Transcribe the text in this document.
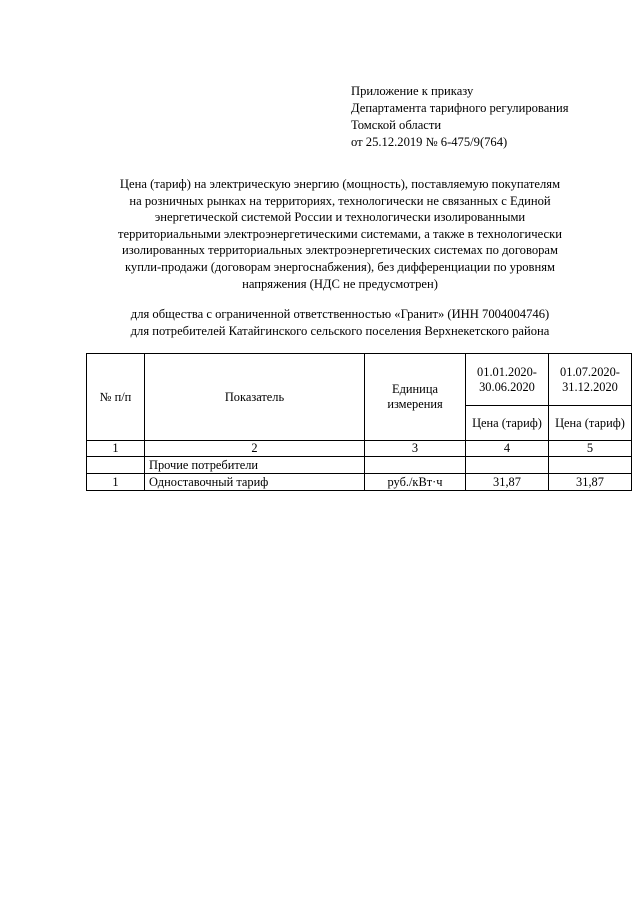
Приложение к приказу
Департамента тарифного регулирования
Томской области
от 25.12.2019 № 6-475/9(764)
Цена (тариф) на электрическую энергию (мощность), поставляемую покупателям
на розничных рынках на территориях, технологически не связанных с Единой
энергетической системой России и технологически изолированными
территориальными электроэнергетическими системами, а также в технологически
изолированных территориальных электроэнергетических системах по договорам
купли-продажи (договорам энергоснабжения), без дифференциации по уровням
напряжения (НДС не предусмотрен)
для общества с ограниченной ответственностью «Гранит» (ИНН 7004004746)
для потребителей Катайгинского сельского поселения Верхнекетского района
№ п/п	Показатель	Единица измерения	01.01.2020-30.06.2020	01.07.2020-31.12.2020
			Цена (тариф)	Цена (тариф)
1	2	3	4	5
	Прочие потребители			
1	Одноставочный тариф	руб./кВт·ч	31,87	31,87
